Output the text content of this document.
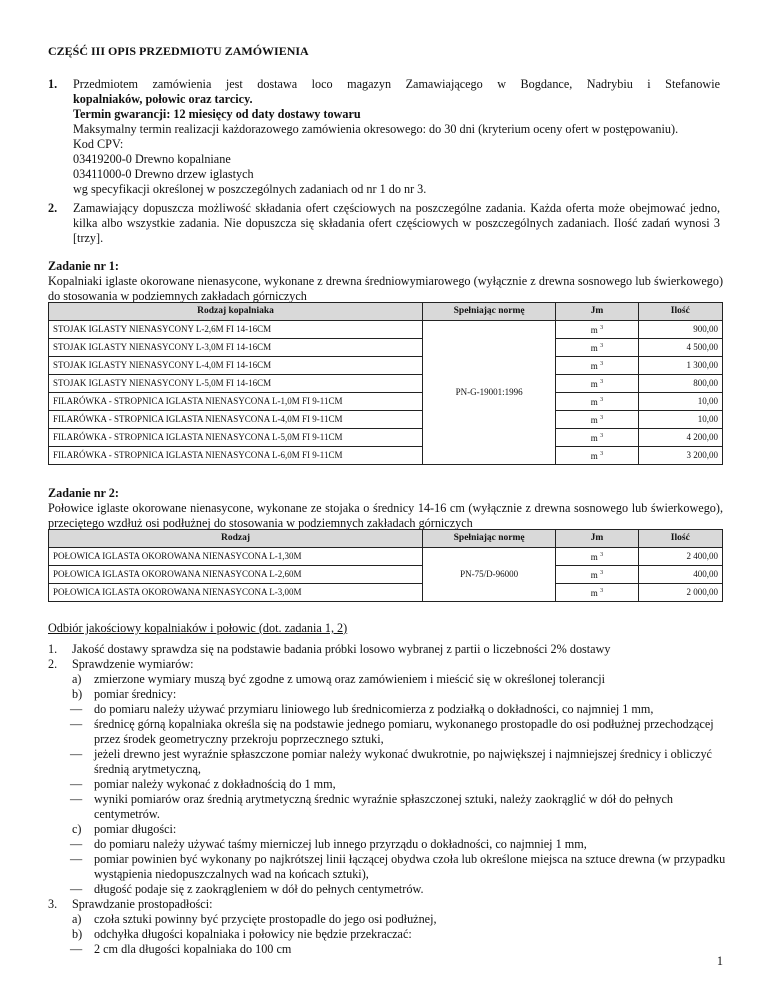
CZĘŚĆ III OPIS PRZEDMIOTU ZAMÓWIENIA
1. Przedmiotem zamówienia jest dostawa loco magazyn Zamawiającego w Bogdance, Nadrybiu i Stefanowie
kopalniaków, połowic oraz tarcicy.
Termin gwarancji: 12 miesięcy od daty dostawy towaru
Maksymalny termin realizacji każdorazowego zamówienia okresowego: do 30 dni (kryterium oceny ofert w postępowaniu).
Kod CPV:
03419200-0 Drewno kopalniane
03411000-0 Drewno drzew iglastych
wg specyfikacji określonej w poszczególnych zadaniach od nr 1 do nr 3.
2. Zamawiający dopuszcza możliwość składania ofert częściowych na poszczególne zadania. Każda oferta może obejmować jedno, kilka albo wszystkie zadania. Nie dopuszcza się składania ofert częściowych w poszczególnych zadaniach. Ilość zadań wynosi 3 [trzy].
Zadanie nr 1:
Kopalniaki iglaste okorowane nienasycone, wykonane z drewna średniowymiarowego (wyłącznie z drewna sosnowego lub świerkowego) do stosowania w podziemnych zakładach górniczych
Rodzaj kopalniaka	Spełniając normę	Jm	Ilość
STOJAK IGLASTY NIENASYCONY L-2,6M FI 14-16CM	PN-G-19001:1996	m $^3$	900,00
STOJAK IGLASTY NIENASYCONY L-3,0M FI 14-16CM		m $^3$	4 500,00
STOJAK IGLASTY NIENASYCONY L-4,0M FI 14-16CM		m $^3$	1 300,00
STOJAK IGLASTY NIENASYCONY L-5,0M FI 14-16CM		m $^3$	800,00
FILARÓWKA - STROPNICA IGLASTA NIENASYCONA L-1,0M FI 9-11CM		m $^3$	10,00
FILARÓWKA - STROPNICA IGLASTA NIENASYCONA L-4,0M FI 9-11CM		m $^3$	10,00
FILARÓWKA - STROPNICA IGLASTA NIENASYCONA L-5,0M FI 9-11CM		m $^3$	4 200,00
FILARÓWKA - STROPNICA IGLASTA NIENASYCONA L-6,0M FI 9-11CM		m $^3$	3 200,00
Zadanie nr 2:
Połowice iglaste okorowane nienasycone, wykonane ze stojaka o średnicy 14-16 cm (wyłącznie z drewna sosnowego lub świerkowego), przeciętego wzdłuż osi podłużnej do stosowania w podziemnych zakładach górniczych
Rodzaj	Spełniając normę	Jm	Ilość
POŁOWICA IGLASTA OKOROWANA NIENASYCONA L-1,30M	PN-75/D-96000	m $^3$	2 400,00
POŁOWICA IGLASTA OKOROWANA NIENASYCONA L-2,60M		m $^3$	400,00
POŁOWICA IGLASTA OKOROWANA NIENASYCONA L-3,00M		m $^3$	2 000,00
Odbiór jakościowy kopalniaków i połowic (dot. zadania 1, 2)
1. Jakość dostawy sprawdza się na podstawie badania próbki losowo wybranej z partii o liczebności 2% dostawy
2. Sprawdzenie wymiarów:
a) zmierzone wymiary muszą być zgodne z umową oraz zamówieniem i mieścić się w określonej tolerancji
b) pomiar średnicy:
— do pomiaru należy używać przymiaru liniowego lub średnicomierza z podziałką o dokładności, co najmniej 1 mm,
— średnicę górną kopalniaka określa się na podstawie jednego pomiaru, wykonanego prostopadle do osi podłużnej przechodzącej przez środek geometryczny przekroju poprzecznego sztuki,
— jeżeli drewno jest wyraźnie spłaszczone pomiar należy wykonać dwukrotnie, po największej i najmniejszej średnicy i obliczyć średnią arytmetyczną,
— pomiar należy wykonać z dokładnością do 1 mm,
— wyniki pomiarów oraz średnią arytmetyczną średnic wyraźnie spłaszczonej sztuki, należy zaokrąglić w dół do pełnych centymetrów.
c) pomiar długości:
— do pomiaru należy używać taśmy mierniczej lub innego przyrządu o dokładności, co najmniej 1 mm,
— pomiar powinien być wykonany po najkrótszej linii łączącej obydwa czoła lub określone miejsca na sztuce drewna (w przypadku wystąpienia niedopuszczalnych wad na końcach sztuki),
— długość podaje się z zaokrągleniem w dół do pełnych centymetrów.
3. Sprawdzanie prostopadłości:
a) czoła sztuki powinny być przycięte prostopadle do jego osi podłużnej,
b) odchyłka długości kopalniaka i połowicy nie będzie przekraczać:
— 2 cm dla długości kopalniaka do 100 cm
1
